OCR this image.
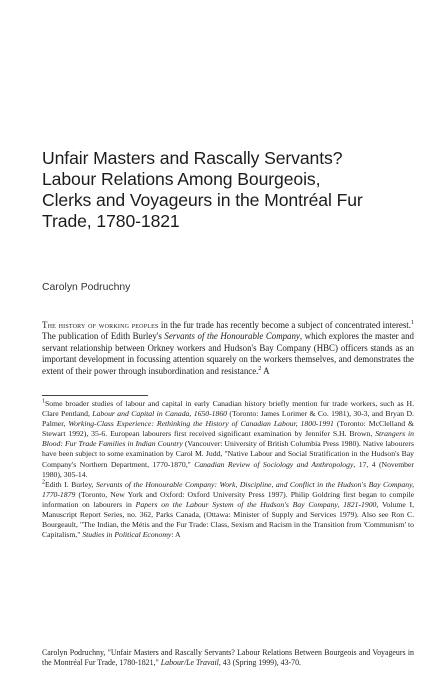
Unfair Masters and Rascally Servants?
Labour Relations Among Bourgeois,
Clerks and Voyageurs in the Montréal Fur
Trade, 1780-1821
Carolyn Podruchny

The history of working peoples in the fur trade has recently become a subject of concentrated interest.$^1$ The publication of Edith Burley's Servants of the Honourable Company, which explores the master and servant relationship between Orkney workers and Hudson's Bay Company (HBC) officers stands as an important development in focussing attention squarely on the workers themselves, and demonstrates the extent of their power through insubordination and resistance.$^2$ A

$^1$Some broader studies of labour and capital in early Canadian history briefly mention fur trade workers, such as H. Clare Pentland, Labour and Capital in Canada, 1650-1860 (Toronto: James Lorimer & Co. 1981), 30-3, and Bryan D. Palmer, Working-Class Experience: Rethinking the History of Canadian Labour, 1800-1991 (Toronto: McClelland & Stewart 1992), 35-6. European labourers first received significant examination by Jennifer S.H. Brown, Strangers in Blood: Fur Trade Families in Indian Country (Vancouver: University of British Columbia Press 1980). Native labourers have been subject to some examination by Carol M. Judd, "Native Labour and Social Stratification in the Hudson's Bay Company's Northern Department, 1770-1870," Canadian Review of Sociology and Anthropology, 17, 4 (November 1980), 305-14.

$^2$Edith I. Burley, Servants of the Honourable Company: Work, Discipline, and Conflict in the Hudson's Bay Company, 1770-1879 (Toronto, New York and Oxford: Oxford University Press 1997). Philip Goldring first began to compile information on labourers in Papers on the Labour System of the Hudson's Bay Company, 1821-1900, Volume I, Manuscript Report Series, no. 362, Parks Canada, (Ottawa: Minister of Supply and Services 1979). Also see Ron C. Bourgeault, "The Indian, the Métis and the Fur Trade: Class, Sexism and Racism in the Transition from 'Communism' to Capitalism," Studies in Political Economy: A

Carolyn Podruchny, "Unfair Masters and Rascally Servants? Labour Relations Between Bourgeois and Voyageurs in the Montréal Fur Trade, 1780-1821," Labour/Le Travail, 43 (Spring 1999), 43-70.
